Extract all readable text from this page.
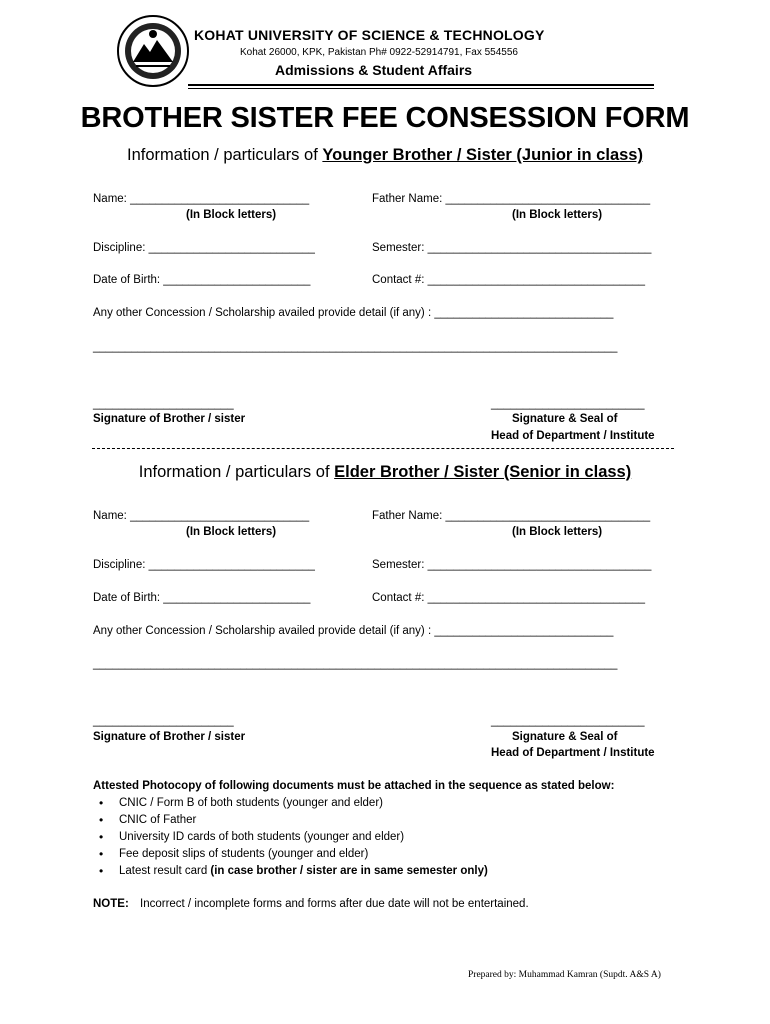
KOHAT UNIVERSITY OF SCIENCE & TECHNOLOGY
Kohat 26000, KPK, Pakistan Ph# 0922-52914791, Fax 554556
Admissions & Student Affairs
BROTHER SISTER FEE CONSESSION FORM
Information / particulars of Younger Brother / Sister (Junior in class)
Name: ____________________________
(In Block letters)
Father Name: ________________________________
(In Block letters)
Discipline: __________________________	Semester: ___________________________________
Date of Birth: _______________________	Contact #: __________________________________
Any other Concession / Scholarship availed provide detail (if any) : ____________________________
__________________________________________________________________________________
______________________
Signature of Brother / sister
________________________
Signature & Seal of
Head of Department / Institute
Information / particulars of Elder Brother / Sister (Senior in class)
Name: ____________________________
(In Block letters)
Father Name: ________________________________
(In Block letters)
Discipline: __________________________	Semester: ___________________________________
Date of Birth: _______________________	Contact #: __________________________________
Any other Concession / Scholarship availed provide detail (if any) : ____________________________
__________________________________________________________________________________
______________________
Signature of Brother / sister
________________________
Signature & Seal of
Head of Department / Institute
Attested Photocopy of following documents must be attached in the sequence as stated below:
• CNIC / Form B of both students (younger and elder)
• CNIC of Father
• University ID cards of both students (younger and elder)
• Fee deposit slips of students (younger and elder)
• Latest result card (in case brother / sister are in same semester only)
NOTE: Incorrect / incomplete forms and forms after due date will not be entertained.
Prepared by: Muhammad Kamran (Supdt. A&S A)
